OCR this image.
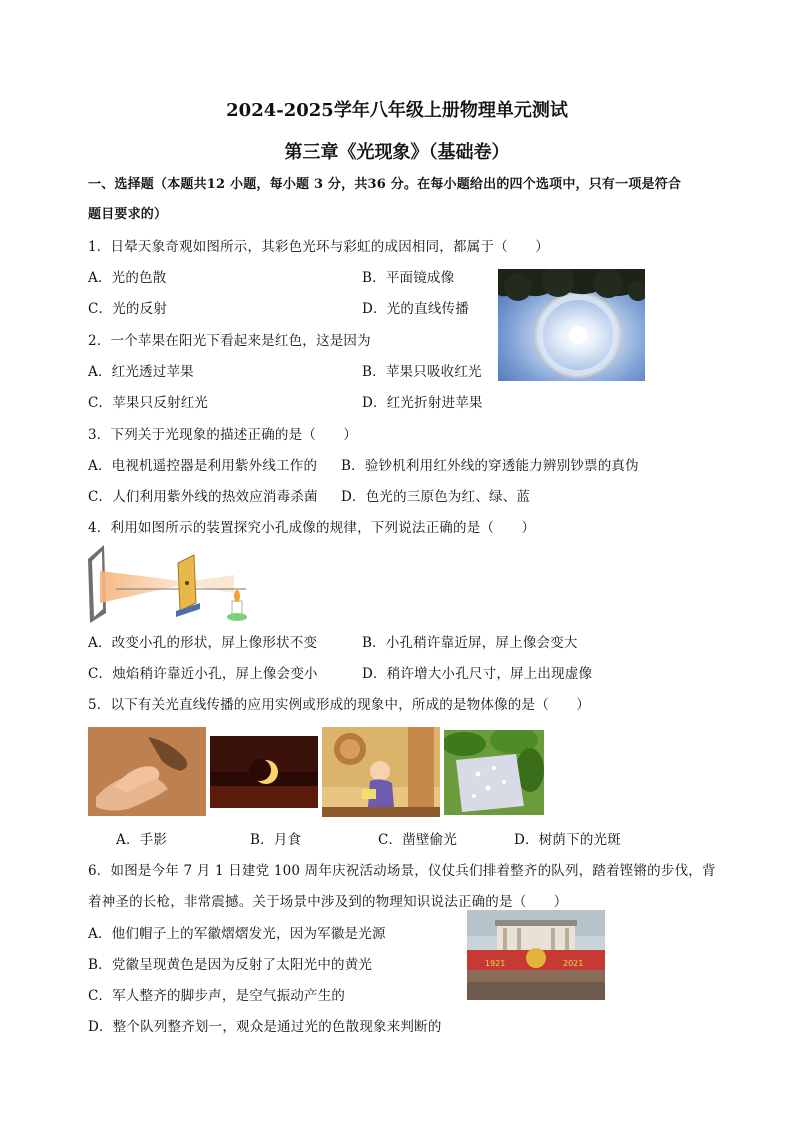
2024-2025学年八年级上册物理单元测试
第三章《光现象》（基础卷）
一、选择题（本题共12 小题，每小题 3 分，共36 分。在每小题给出的四个选项中，只有一项是符合
题目要求的）
1．日晕天象奇观如图所示，其彩色光环与彩虹的成因相同，都属于（　　）
A．光的色散	B．平面镜成像
C．光的反射	D．光的直线传播
2．一个苹果在阳光下看起来是红色，这是因为
A．红光透过苹果	B．苹果只吸收红光
C．苹果只反射红光	D．红光折射进苹果
3．下列关于光现象的描述正确的是（　　）
A．电视机遥控器是利用紫外线工作的 B．验钞机利用红外线的穿透能力辨别钞票的真伪
C．人们利用紫外线的热效应消毒杀菌 D．色光的三原色为红、绿、蓝
4．利用如图所示的装置探究小孔成像的规律，下列说法正确的是（　　）
A．改变小孔的形状，屏上像形状不变	B．小孔稍许靠近屏，屏上像会变大
C．烛焰稍许靠近小孔，屏上像会变小	D．稍许增大小孔尺寸，屏上出现虚像
5．以下有关光直线传播的应用实例或形成的现象中，所成的是物体像的是（　　）
A．手影	B．月食	C．凿壁偷光	D．树荫下的光斑
6．如图是今年 7 月 1 日建党 100 周年庆祝活动场景，仪仗兵们排着整齐的队列，踏着铿锵的步伐，背
着神圣的长枪，非常震撼。关于场景中涉及到的物理知识说法正确的是（　　）
A．他们帽子上的军徽熠熠发光，因为军徽是光源
B．党徽呈现黄色是因为反射了太阳光中的黄光
C．军人整齐的脚步声，是空气振动产生的
D．整个队列整齐划一，观众是通过光的色散现象来判断的
1921	2021
